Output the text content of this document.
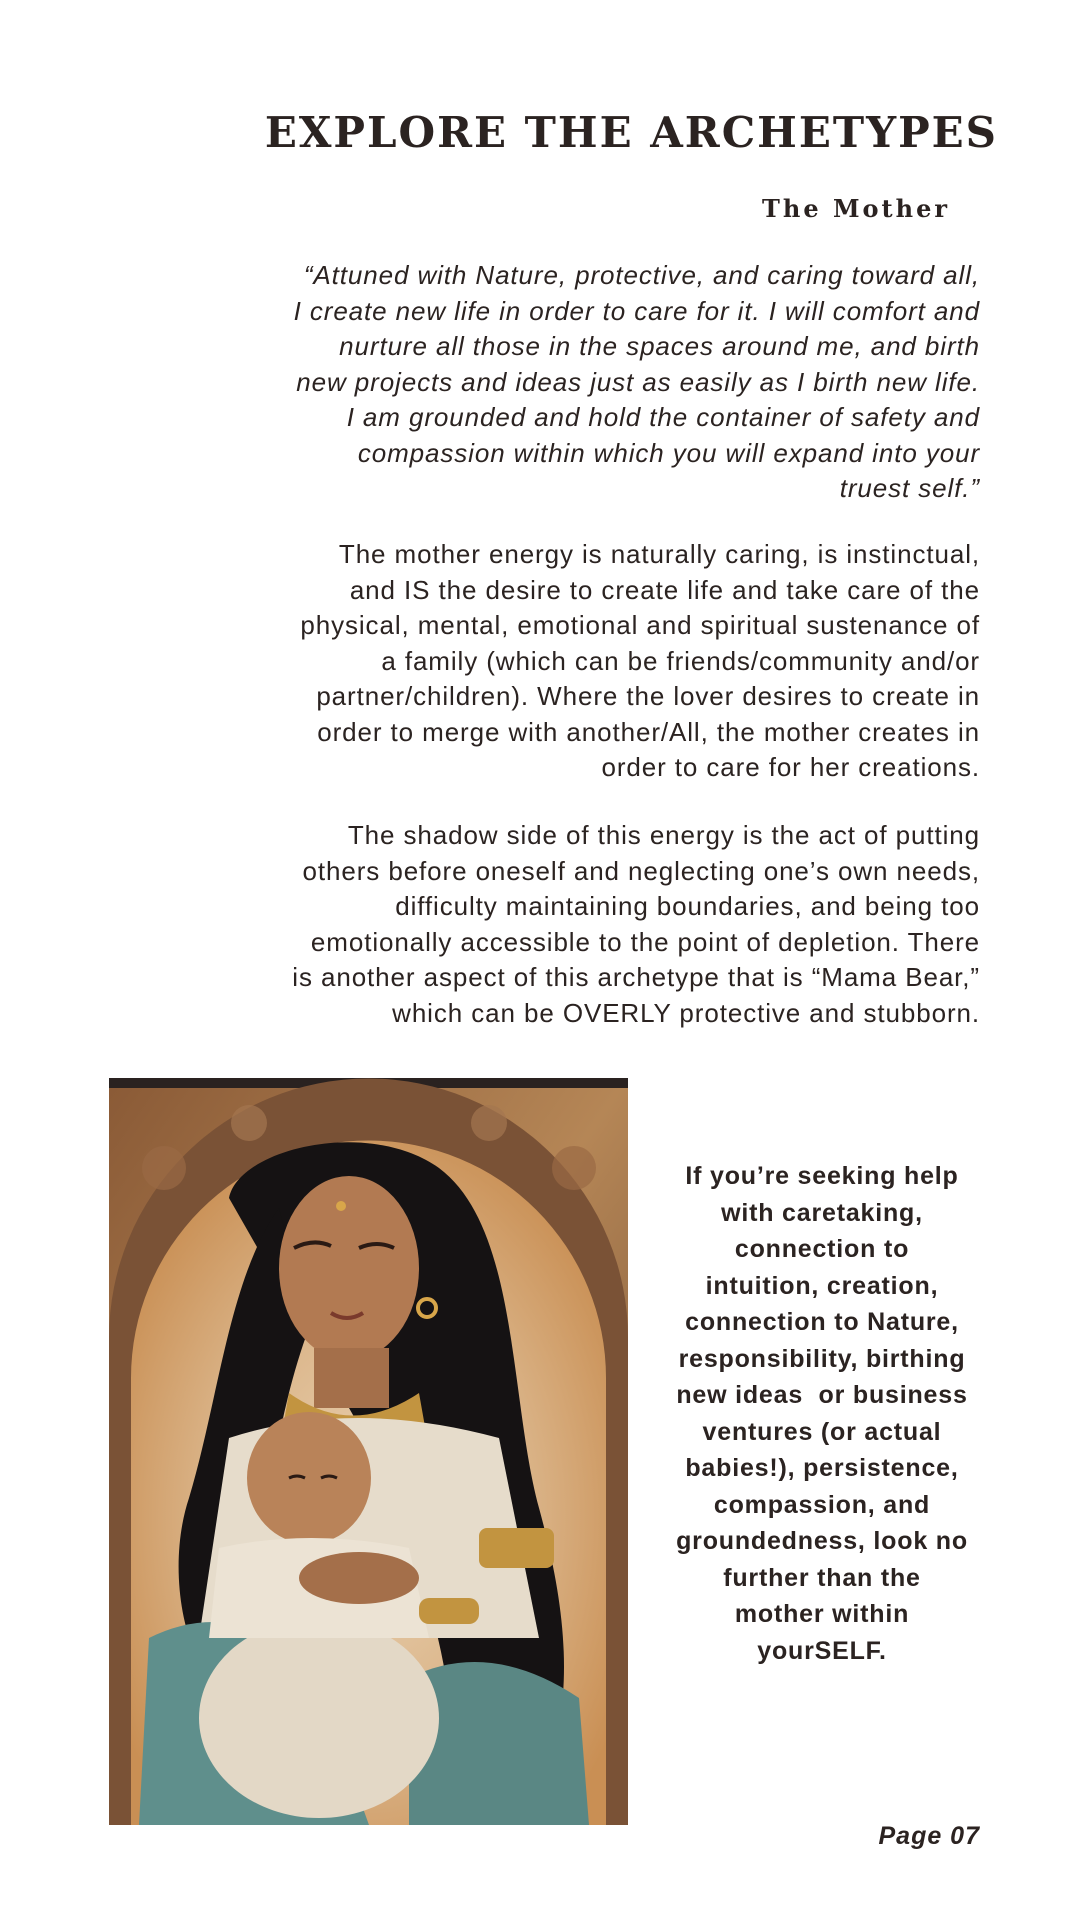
EXPLORE THE ARCHETYPES
The Mother

“Attuned with Nature, protective, and caring toward all,
I create new life in order to care for it. I will comfort and
nurture all those in the spaces around me, and birth
new projects and ideas just as easily as I birth new life.
I am grounded and hold the container of safety and
compassion within which you will expand into your
truest self.”

The mother energy is naturally caring, is instinctual,
and IS the desire to create life and take care of the
physical, mental, emotional and spiritual sustenance of
a family (which can be friends/community and/or
partner/children). Where the lover desires to create in
order to merge with another/All, the mother creates in
order to care for her creations.

The shadow side of this energy is the act of putting
others before oneself and neglecting one’s own needs,
difficulty maintaining boundaries, and being too
emotionally accessible to the point of depletion. There
is another aspect of this archetype that is “Mama Bear,”
which can be OVERLY protective and stubborn.

If you’re seeking help
with caretaking,
connection to
intuition, creation,
connection to Nature,
responsibility, birthing
new ideas  or business
ventures (or actual
babies!), persistence,
compassion, and
groundedness, look no
further than the
mother within
yourSELF.

Page 07
